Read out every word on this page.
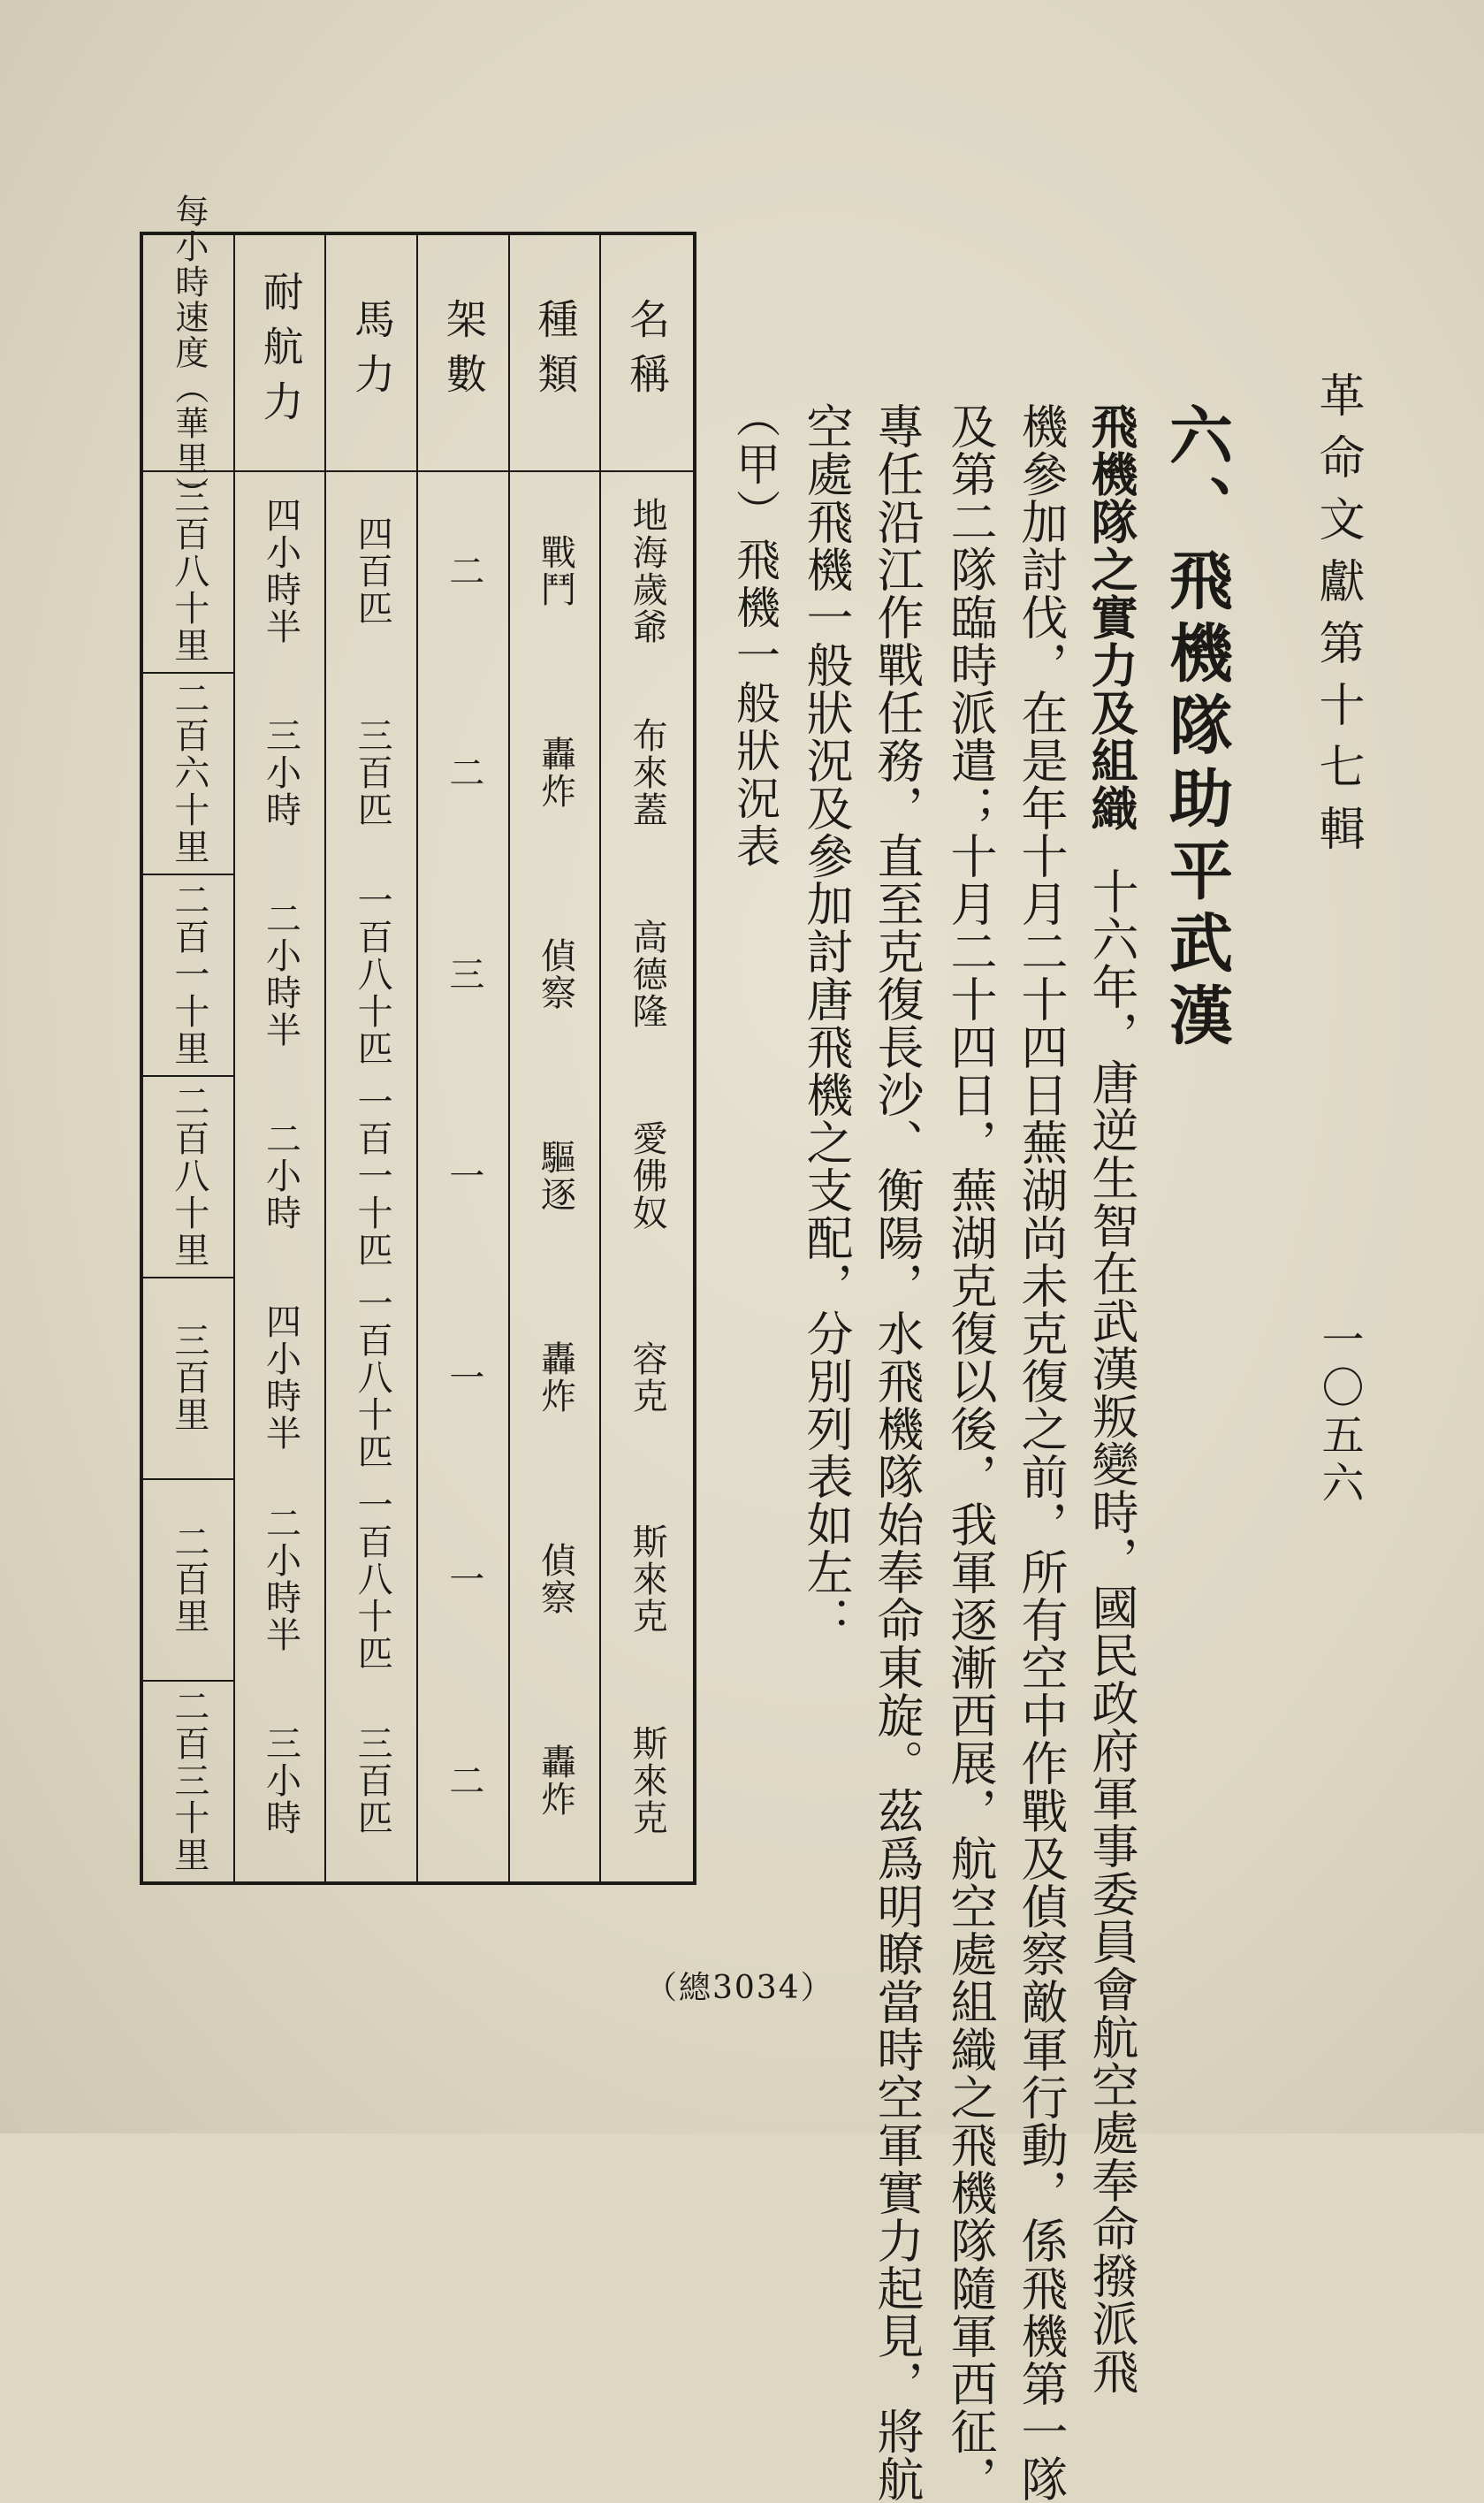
革命文獻第十七輯
一〇五六
六、飛機隊助平武漢
飛機隊之實力及組織十六年，唐逆生智在武漢叛變時，國民政府軍事委員會航空處奉命撥派飛
機參加討伐，在是年十月二十四日蕪湖尚未克復之前，所有空中作戰及偵察敵軍行動，係飛機第一隊
及第二隊臨時派遣；十月二十四日，蕪湖克復以後，我軍逐漸西展，航空處組織之飛機隊隨軍西征，
專任沿江作戰任務，直至克復長沙、衡陽，水飛機隊始奉命東旋。茲爲明瞭當時空軍實力起見，將航
空處飛機一般狀況及參加討唐飛機之支配，分別列表如左：
（甲）飛機一般狀況表
名稱
地海歲爺
布來蓋
高德隆
愛佛奴
容克
斯來克
斯來克
種類
戰鬥
轟炸
偵察
驅逐
轟炸
偵察
轟炸
架數
二
二
三
一
一
一
二
馬力
四百匹
三百匹
一百八十匹
一百一十匹
一百八十匹
一百八十匹
三百匹
耐航力
四小時半
三小時
二小時半
二小時
四小時半
二小時半
三小時
每小時速度（華里）
三百八十里
二百六十里
二百一十里
二百八十里
三百里
二百里
二百三十里
（總3034）
